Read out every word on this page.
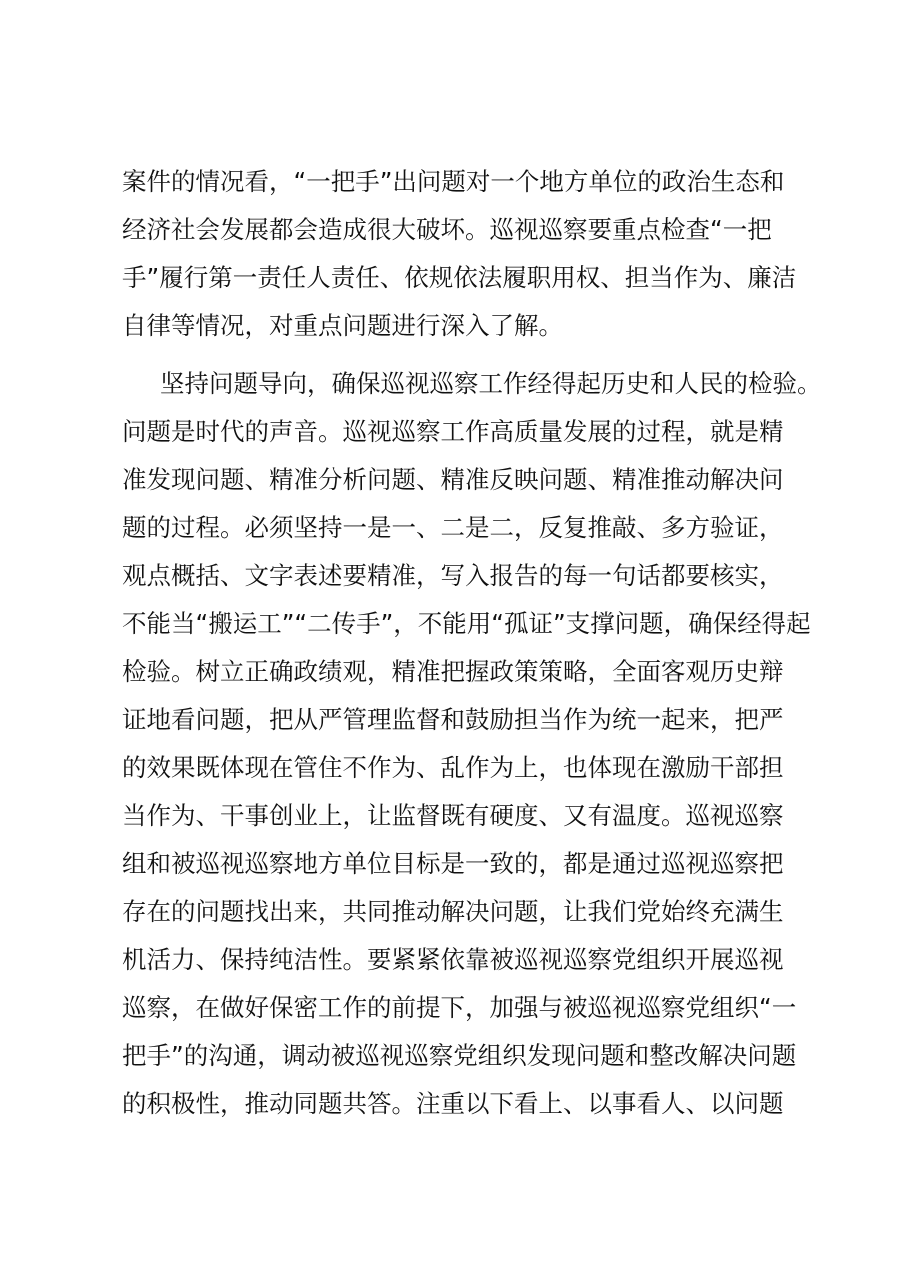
案件的情况看，“一把手”出问题对一个地方单位的政治生态和
经济社会发展都会造成很大破坏。巡视巡察要重点检查“一把
手”履行第一责任人责任、依规依法履职用权、担当作为、廉洁
自律等情况，对重点问题进行深入了解。
坚持问题导向，确保巡视巡察工作经得起历史和人民的检验。
问题是时代的声音。巡视巡察工作高质量发展的过程，就是精
准发现问题、精准分析问题、精准反映问题、精准推动解决问
题的过程。必须坚持一是一、二是二，反复推敲、多方验证，
观点概括、文字表述要精准，写入报告的每一句话都要核实，
不能当“搬运工”“二传手”，不能用“孤证”支撑问题，确保经得起
检验。树立正确政绩观，精准把握政策策略，全面客观历史辩
证地看问题，把从严管理监督和鼓励担当作为统一起来，把严
的效果既体现在管住不作为、乱作为上，也体现在激励干部担
当作为、干事创业上，让监督既有硬度、又有温度。巡视巡察
组和被巡视巡察地方单位目标是一致的，都是通过巡视巡察把
存在的问题找出来，共同推动解决问题，让我们党始终充满生
机活力、保持纯洁性。要紧紧依靠被巡视巡察党组织开展巡视
巡察，在做好保密工作的前提下，加强与被巡视巡察党组织“一
把手”的沟通，调动被巡视巡察党组织发现问题和整改解决问题
的积极性，推动同题共答。注重以下看上、以事看人、以问题
